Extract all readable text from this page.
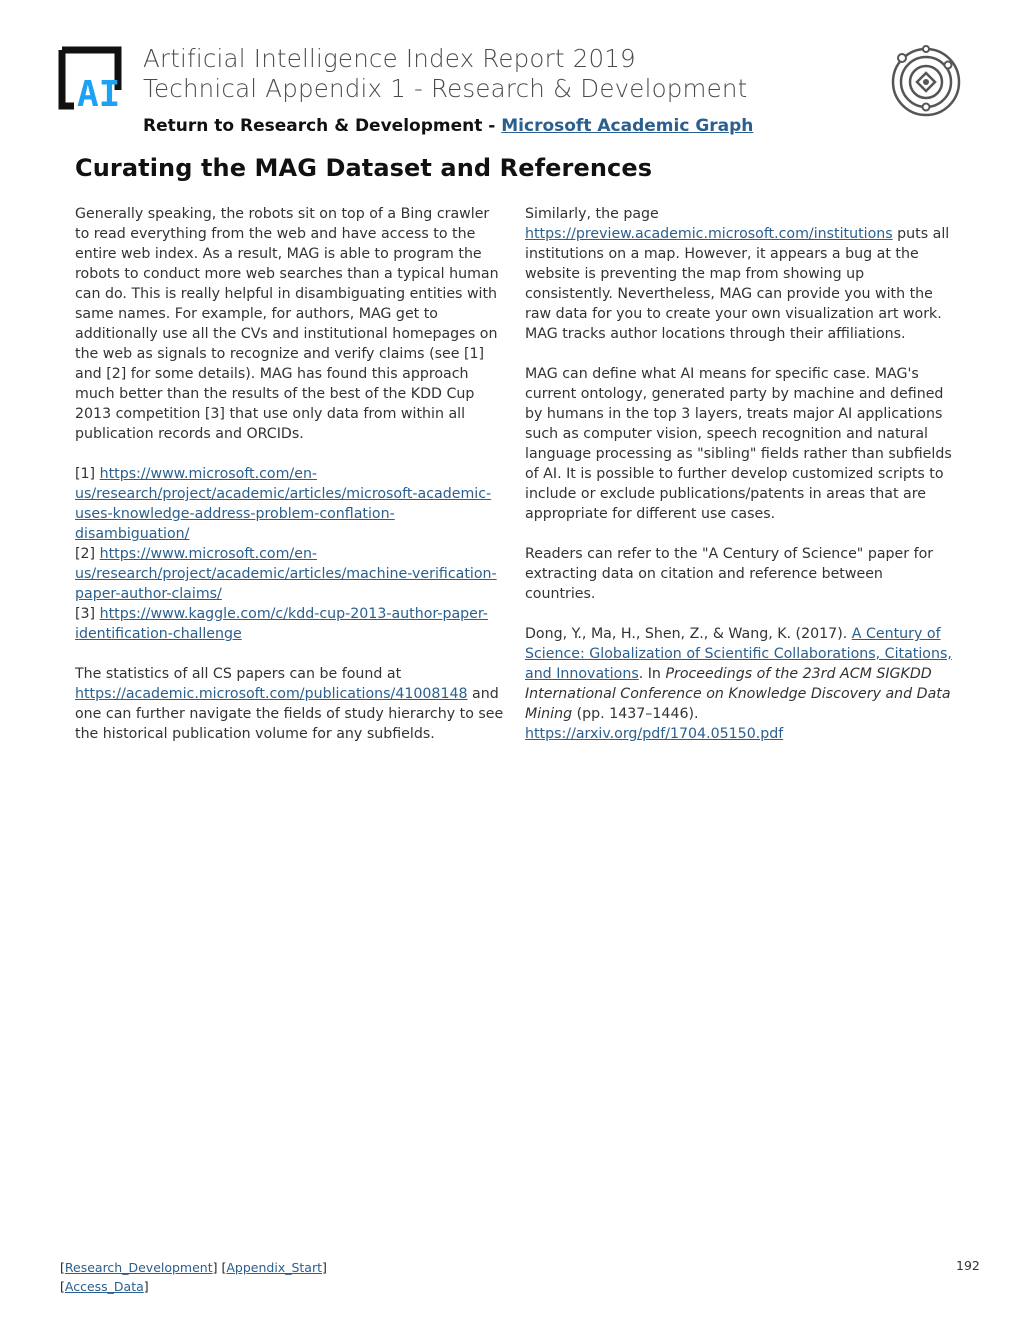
AI
Artificial Intelligence Index Report 2019
Technical Appendix 1 - Research & Development
Return to Research & Development - Microsoft Academic Graph
Curating the MAG Dataset and References

Generally speaking, the robots sit on top of a Bing crawler to read everything from the web and have access to the entire web index. As a result, MAG is able to program the robots to conduct more web searches than a typical human can do. This is really helpful in disambiguating entities with same names. For example, for authors, MAG get to additionally use all the CVs and institutional homepages on the web as signals to recognize and verify claims (see [1] and [2] for some details). MAG has found this approach much better than the results of the best of the KDD Cup 2013 competition [3] that use only data from within all publication records and ORCIDs.

[1] https://www.microsoft.com/en-us/research/project/academic/articles/microsoft-academic-uses-knowledge-address-problem-conflation-disambiguation/
[2] https://www.microsoft.com/en-us/research/project/academic/articles/machine-verification-paper-author-claims/
[3] https://www.kaggle.com/c/kdd-cup-2013-author-paper-identification-challenge

The statistics of all CS papers can be found at https://academic.microsoft.com/publications/41008148 and one can further navigate the fields of study hierarchy to see the historical publication volume for any subfields.

Similarly, the page https://preview.academic.microsoft.com/institutions puts all institutions on a map. However, it appears a bug at the website is preventing the map from showing up consistently. Nevertheless, MAG can provide you with the raw data for you to create your own visualization art work. MAG tracks author locations through their affiliations.

MAG can define what AI means for specific case. MAG's current ontology, generated party by machine and defined by humans in the top 3 layers, treats major AI applications such as computer vision, speech recognition and natural language processing as "sibling" fields rather than subfields of AI. It is possible to further develop customized scripts to include or exclude publications/patents in areas that are appropriate for different use cases.

Readers can refer to the "A Century of Science" paper for extracting data on citation and reference between countries.

Dong, Y., Ma, H., Shen, Z., & Wang, K. (2017). A Century of Science: Globalization of Scientific Collaborations, Citations, and Innovations. In Proceedings of the 23rd ACM SIGKDD International Conference on Knowledge Discovery and Data Mining (pp. 1437–1446).
https://arxiv.org/pdf/1704.05150.pdf

[Research_Development] [Appendix_Start]
[Access_Data]
192
